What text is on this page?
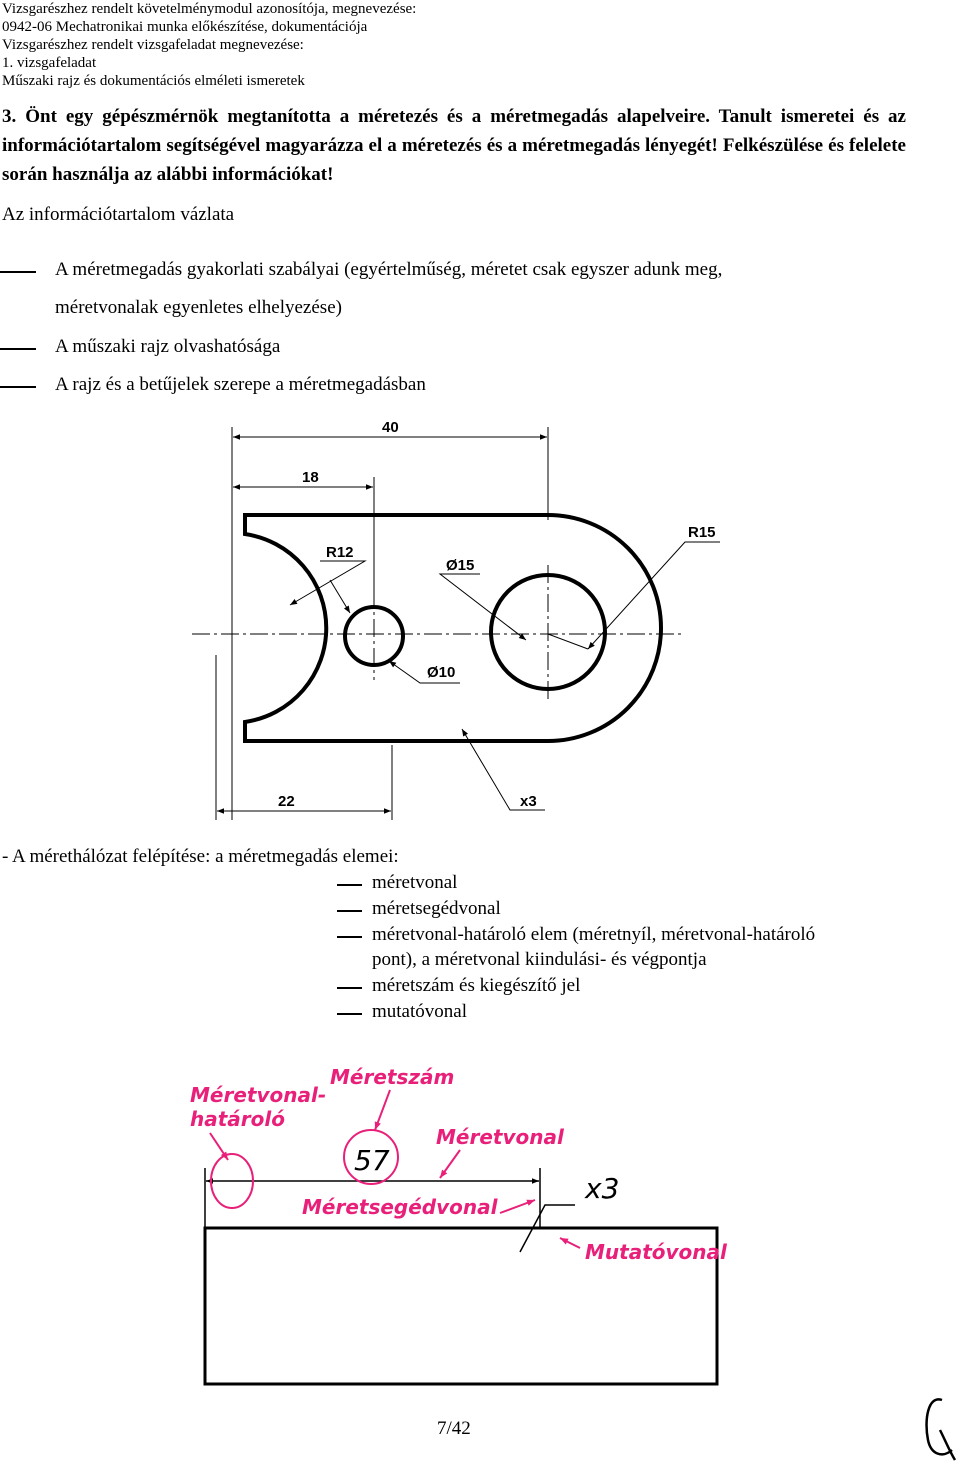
Vizsgarészhez rendelt követelménymodul azonosítója, megnevezése:
0942-06 Mechatronikai munka előkészítése, dokumentációja
Vizsgarészhez rendelt vizsgafeladat megnevezése:
1. vizsgafeladat
Műszaki rajz és dokumentációs elméleti ismeretek
3. Önt egy gépészmérnök megtanította a méretezés és a méretmegadás alapelveire. Tanult ismeretei és az információtartalom segítségével magyarázza el a méretezés és a méretmegadás lényegét! Felkészülése és felelete során használja az alábbi információkat!
Az információtartalom vázlata
A méretmegadás gyakorlati szabályai (egyértelműség, méretet csak egyszer adunk meg,
méretvonalak egyenletes elhelyezése)
A műszaki rajz olvashatósága
A rajz és a betűjelek szerepe a méretmegadásban
40
18
R12
R15
Ø15
Ø10
22	x3
Méretvonal-
határoló
Méretszám
Méretvonal
Méretsegédvonal
Mutatóvonal
57
x3
- A mérethálózat felépítése: a méretmegadás elemei:
méretvonal
méretsegédvonal
méretvonal-határoló elem (méretnyíl, méretvonal-határoló
pont), a méretvonal kiindulási- és végpontja
méretszám és kiegészítő jel
mutatóvonal
7/42
